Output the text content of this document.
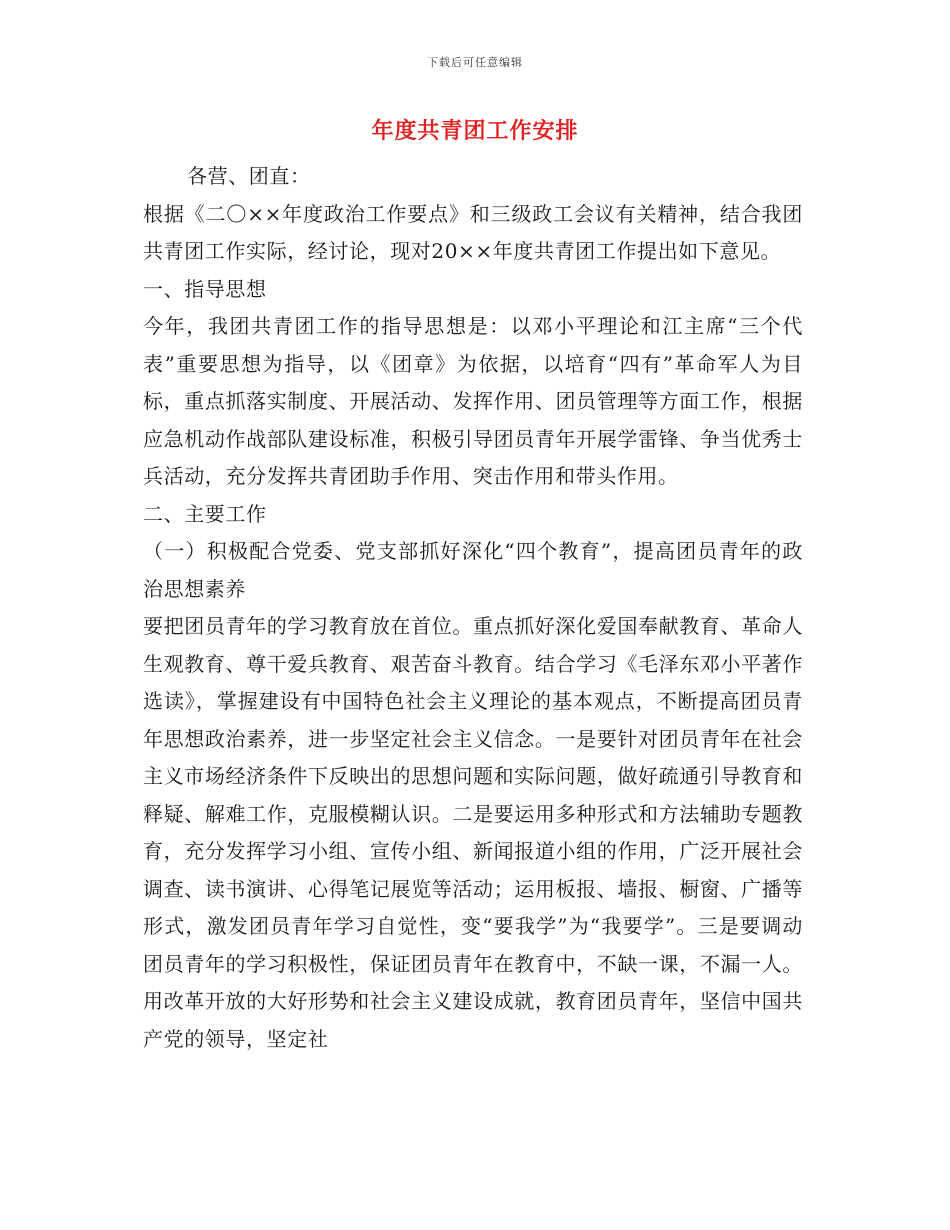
下载后可任意编辑
年度共青团工作安排

各营、团直：

根据《二〇××年度政治工作要点》和三级政工会议有关精神，结合我团共青团工作实际，经讨论，现对20××年度共青团工作提出如下意见。

一、指导思想

今年，我团共青团工作的指导思想是：以邓小平理论和江主席“三个代表”重要思想为指导，以《团章》为依据，以培育“四有”革命军人为目标，重点抓落实制度、开展活动、发挥作用、团员管理等方面工作，根据应急机动作战部队建设标准，积极引导团员青年开展学雷锋、争当优秀士兵活动，充分发挥共青团助手作用、突击作用和带头作用。

二、主要工作

（一）积极配合党委、党支部抓好深化“四个教育”，提高团员青年的政治思想素养

要把团员青年的学习教育放在首位。重点抓好深化爱国奉献教育、革命人生观教育、尊干爱兵教育、艰苦奋斗教育。结合学习《毛泽东邓小平著作选读》，掌握建设有中国特色社会主义理论的基本观点，不断提高团员青年思想政治素养，进一步坚定社会主义信念。一是要针对团员青年在社会主义市场经济条件下反映出的思想问题和实际问题，做好疏通引导教育和释疑、解难工作，克服模糊认识。二是要运用多种形式和方法辅助专题教育，充分发挥学习小组、宣传小组、新闻报道小组的作用，广泛开展社会调查、读书演讲、心得笔记展览等活动；运用板报、墙报、橱窗、广播等形式，激发团员青年学习自觉性，变“要我学”为“我要学”。三是要调动团员青年的学习积极性，保证团员青年在教育中，不缺一课，不漏一人。用改革开放的大好形势和社会主义建设成就，教育团员青年，坚信中国共产党的领导，坚定社
